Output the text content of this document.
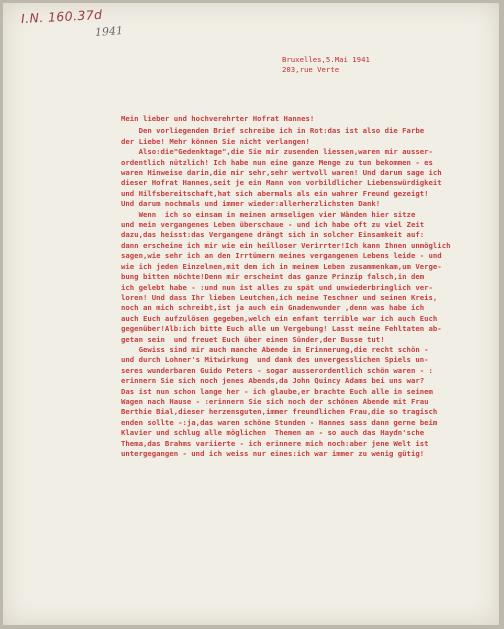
I.N. 160.37d
1941
Bruxelles,5.Mai 1941
203,rue Verte
Mein lieber und hochverehrter Hofrat Hannes!
Den vorliegenden Brief schreibe ich in Rot:das ist also die Farbe
der Liebe! Mehr können Sie nicht verlangen!
Also:die"Gedenktage",die Sie mir zusenden liessen,waren mir ausser-
ordentlich nützlich! Ich habe nun eine ganze Menge zu tun bekommen - es
waren Hinweise darin,die mir sehr,sehr wertvoll waren! Und darum sage ich
dieser Hofrat Hannes,seit je ein Mann von vorbildlicher Liebenswürdigkeit
und Hilfsbereitschaft,hat sich abermals als ein wahrer Freund gezeigt!
Und darum nochmals und immer wieder:allerherzlichsten Dank!
Wenn  ich so einsam in meinen armseligen vier Wänden hier sitze
und mein vergangenes Leben überschaue - und ich habe oft zu viel Zeit
dazu,das heisst:das Vergangene drängt sich in solcher Einsamkeit auf:
dann erscheine ich mir wie ein heilloser Verirrter!Ich kann Ihnen unmöglich
sagen,wie sehr ich an den Irrtümern meines vergangenen Lebens leide - und
wie ich jeden Einzelnen,mit dem ich in meinem Leben zusammenkam,um Verge-
bung bitten möchte!Denn mir erscheint das ganze Prinzip falsch,in dem
ich gelebt habe - :und nun ist alles zu spät und unwiederbringlich ver-
loren! Und dass Ihr lieben Leutchen,ich meine Teschner und seinen Kreis,
noch an mich schreibt,ist ja auch ein Gnadenwunder ,denn was habe ich
auch Euch aufzulösen gegeben,welch ein enfant terrible war ich auch Euch
gegenüber!Alb:ich bitte Euch alle um Vergebung! Lasst meine Fehltaten ab-
getan sein  und freuet Euch über einen Sünder,der Busse tut!
Gewiss sind mir auch manche Abende in Erinnerung,die recht schön -
und durch Lohner's Mitwirkung  und dank des unvergesslichen Spiels un-
seres wunderbaren Guido Peters - sogar ausserordentlich schön waren - :
erinnern Sie sich noch jenes Abends,da John Quincy Adams bei uns war?
Das ist nun schon lange her - ich glaube,er brachte Euch alle in seinem
Wagen nach Hause - :erinnern Sie sich noch der schönen Abende mit Frau
Berthie Bial,dieser herzensguten,immer freundlichen Frau,die so tragisch
enden sollte -:ja,das waren schöne Stunden - Hannes sass dann gerne beim
Klavier und schlug alle möglichen  Themen an - so auch das Haydn'sche
Thema,das Brahms variierte - ich erinnere mich noch:aber jene Welt ist
untergegangen - und ich weiss nur eines:ich war immer zu wenig gütig!
